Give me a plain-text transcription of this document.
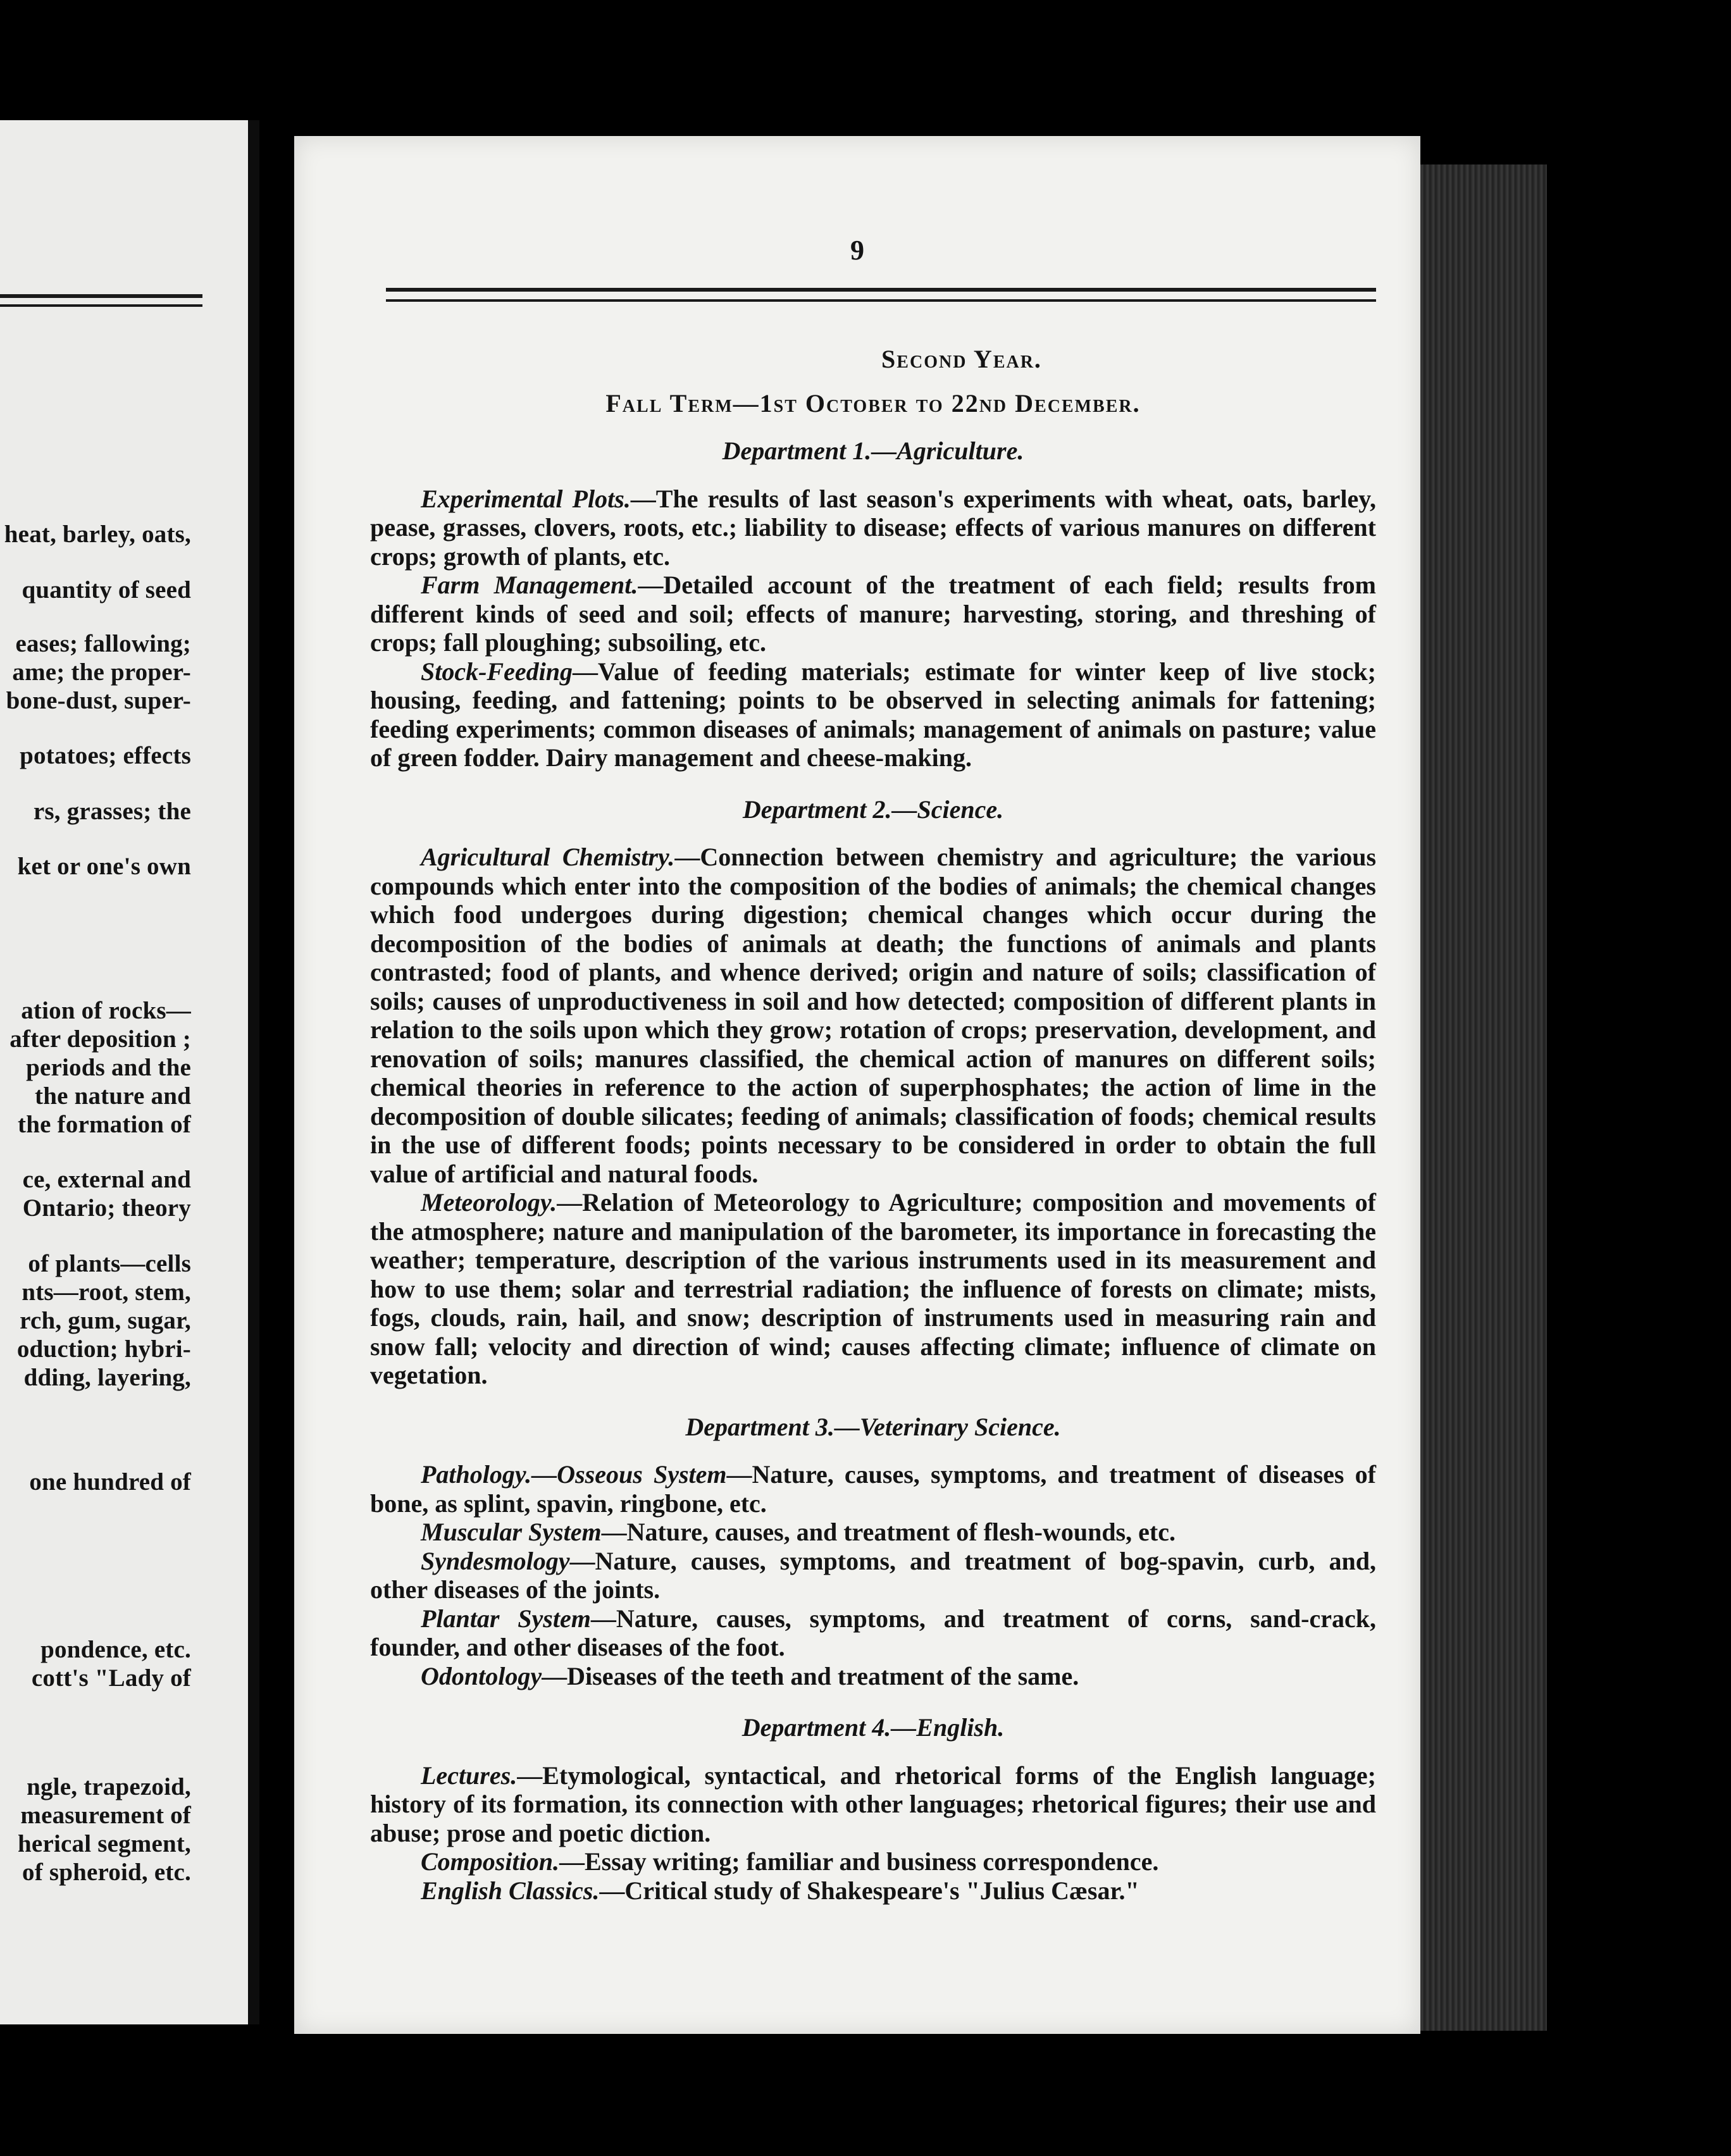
heat, barley, oats,
quantity of seed
eases; fallowing;
ame; the proper-
bone-dust, super-
potatoes; effects
rs, grasses; the
ket or one's own
ation of rocks—
after deposition ;
periods and the
the nature and
the formation of
ce, external and
Ontario; theory
of plants—cells
nts—root, stem,
rch, gum, sugar,
oduction; hybri-
dding, layering,
one hundred of
pondence, etc.
cott's "Lady of
ngle, trapezoid,
measurement of
herical segment,
of spheroid, etc.
9
Second Year.
Fall Term—1st October to 22nd December.
Department 1.—Agriculture.

Experimental Plots.—The results of last season's experiments with wheat, oats, barley, pease, grasses, clovers, roots, etc.; liability to disease; effects of various manures on different crops; growth of plants, etc.

Farm Management.—Detailed account of the treatment of each field; results from different kinds of seed and soil; effects of manure; harvesting, storing, and threshing of crops; fall ploughing; subsoiling, etc.

Stock-Feeding—Value of feeding materials; estimate for winter keep of live stock; housing, feeding, and fattening; points to be observed in selecting animals for fattening; feeding experiments; common diseases of animals; management of animals on pasture; value of green fodder. Dairy management and cheese-making.

Department 2.—Science.

Agricultural Chemistry.—Connection between chemistry and agriculture; the various compounds which enter into the composition of the bodies of animals; the chemical changes which food undergoes during digestion; chemical changes which occur during the decomposition of the bodies of animals at death; the functions of animals and plants contrasted; food of plants, and whence derived; origin and nature of soils; classification of soils; causes of unproductiveness in soil and how detected; composition of different plants in relation to the soils upon which they grow; rotation of crops; preservation, development, and renovation of soils; manures classified, the chemical action of manures on different soils; chemical theories in reference to the action of superphosphates; the action of lime in the decomposition of double silicates; feeding of animals; classification of foods; chemical results in the use of different foods; points necessary to be considered in order to obtain the full value of artificial and natural foods.

Meteorology.—Relation of Meteorology to Agriculture; composition and movements of the atmosphere; nature and manipulation of the barometer, its importance in forecasting the weather; temperature, description of the various instruments used in its measurement and how to use them; solar and terrestrial radiation; the influence of forests on climate; mists, fogs, clouds, rain, hail, and snow; description of instruments used in measuring rain and snow fall; velocity and direction of wind; causes affecting climate; influence of climate on vegetation.

Department 3.—Veterinary Science.

Pathology.—Osseous System—Nature, causes, symptoms, and treatment of diseases of bone, as splint, spavin, ringbone, etc.

Muscular System—Nature, causes, and treatment of flesh-wounds, etc.

Syndesmology—Nature, causes, symptoms, and treatment of bog-spavin, curb, and, other diseases of the joints.

Plantar System—Nature, causes, symptoms, and treatment of corns, sand-crack, founder, and other diseases of the foot.

Odontology—Diseases of the teeth and treatment of the same.

Department 4.—English.

Lectures.—Etymological, syntactical, and rhetorical forms of the English language; history of its formation, its connection with other languages; rhetorical figures; their use and abuse; prose and poetic diction.

Composition.—Essay writing; familiar and business correspondence.

English Classics.—Critical study of Shakespeare's "Julius Cæsar."
